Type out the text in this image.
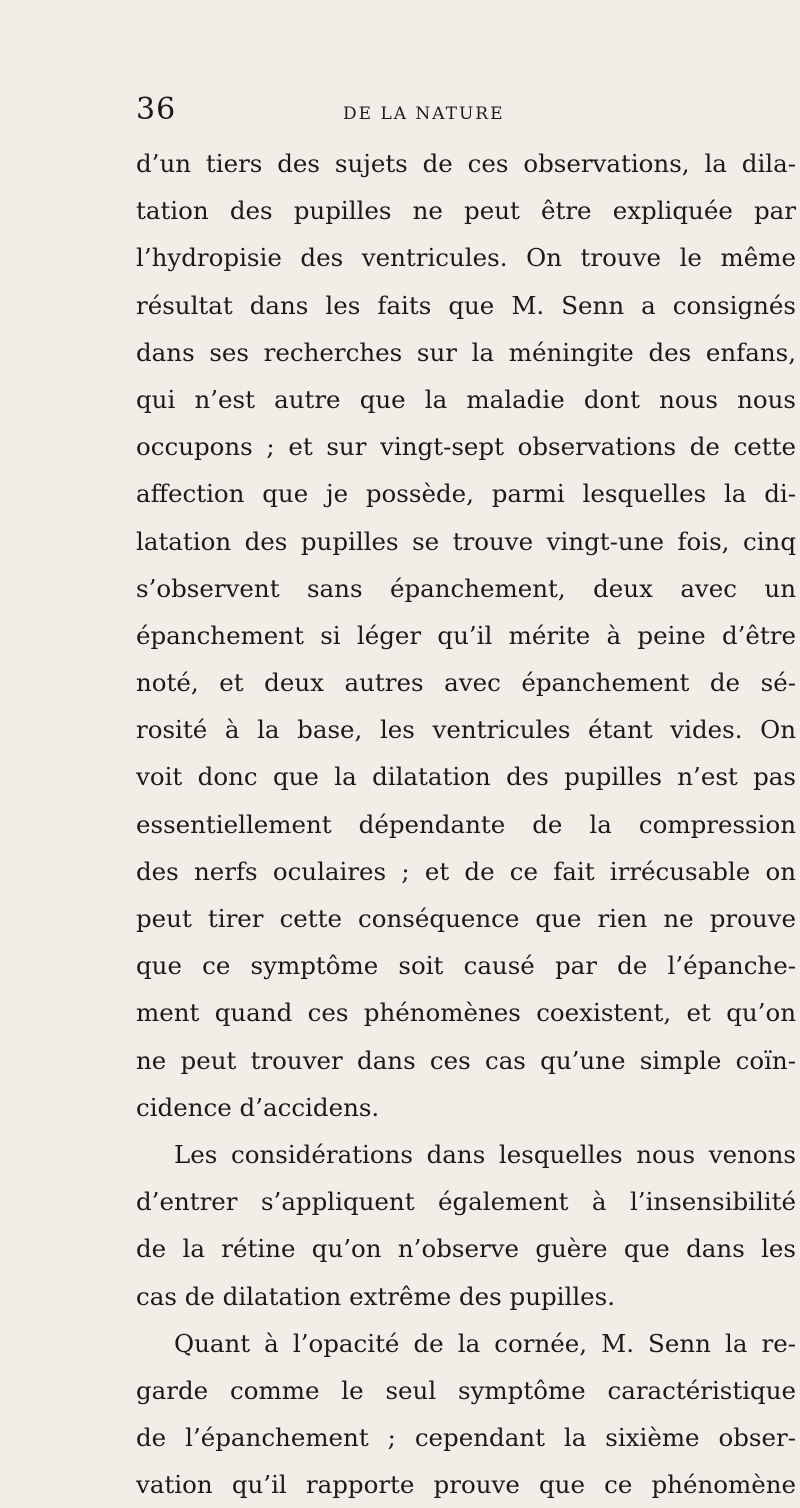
36	DE LA NATURE
d’un tiers des sujets de ces observations, la dila-
tation des pupilles ne peut être expliquée par
l’hydropisie des ventricules. On trouve le même
résultat dans les faits que M. Senn a consignés
dans ses recherches sur la méningite des enfans,
qui n’est autre que la maladie dont nous nous
occupons ; et sur vingt-sept observations de cette
affection que je possède, parmi lesquelles la di-
latation des pupilles se trouve vingt-une fois, cinq
s’observent sans épanchement, deux avec un
épanchement si léger qu’il mérite à peine d’être
noté, et deux autres avec épanchement de sé-
rosité à la base, les ventricules étant vides. On
voit donc que la dilatation des pupilles n’est pas
essentiellement dépendante de la compression
des nerfs oculaires ; et de ce fait irrécusable on
peut tirer cette conséquence que rien ne prouve
que ce symptôme soit causé par de l’épanche-
ment quand ces phénomènes coexistent, et qu’on
ne peut trouver dans ces cas qu’une simple coïn-
cidence d’accidens.
Les considérations dans lesquelles nous venons
d’entrer s’appliquent également à l’insensibilité
de la rétine qu’on n’observe guère que dans les
cas de dilatation extrême des pupilles.
Quant à l’opacité de la cornée, M. Senn la re-
garde comme le seul symptôme caractéristique
de l’épanchement ; cependant la sixième obser-
vation qu’il rapporte prouve que ce phénomène
